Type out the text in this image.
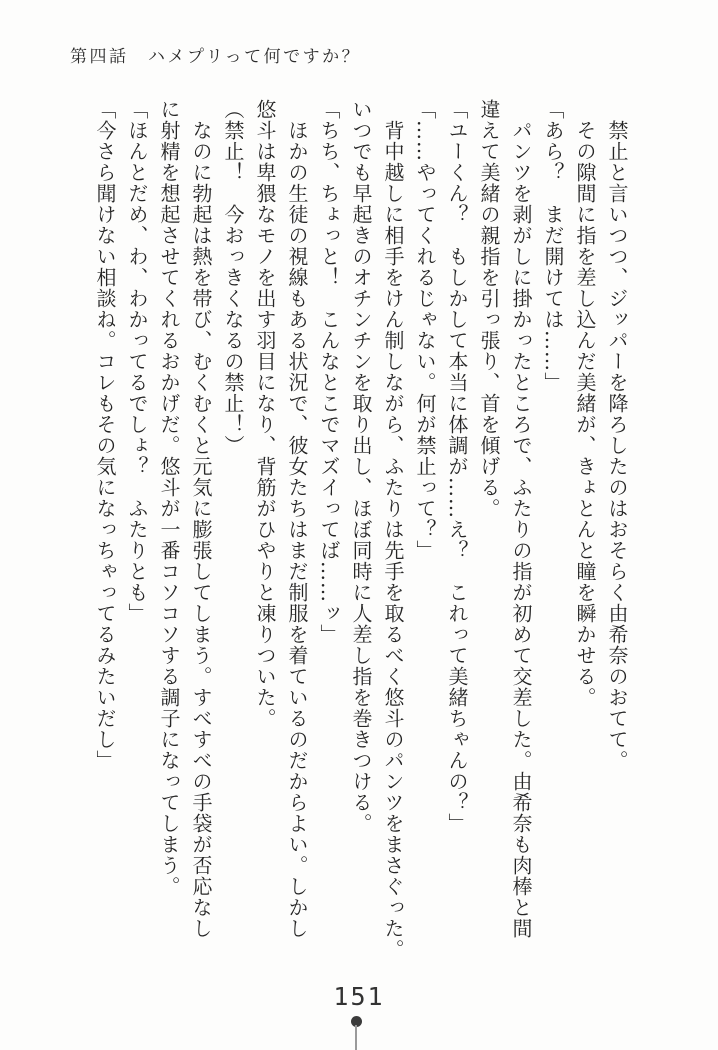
第四話　ハメプリって何ですか？

　禁止と言いつつ、ジッパーを降ろしたのはおそらく由希奈のおてて。

　その隙間に指を差し込んだ美緒が、きょとんと瞳を瞬かせる。

「あら？　まだ開けては……」

　パンツを剥がしに掛かったところで、ふたりの指が初めて交差した。由希奈も肉棒と間

違えて美緒の親指を引っ張り、首を傾げる。

「ユーくん？　もしかして本当に体調が……え？　これって美緒ちゃんの？」

「……やってくれるじゃない。何が禁止って？」

　背中越しに相手をけん制しながら、ふたりは先手を取るべく悠斗のパンツをまさぐった。

いつでも早起きのオチンチンを取り出し、ほぼ同時に人差し指を巻きつける。

「ちち、ちょっと！　こんなとこでマズイってば……ッ」

　ほかの生徒の視線もある状況で、彼女たちはまだ制服を着ているのだからよい。しかし

悠斗は卑猥なモノを出す羽目になり、背筋がひやりと凍りついた。

（禁止！　今おっきくなるの禁止！）

　なのに勃起は熱を帯び、むくむくと元気に膨張してしまう。すべすべの手袋が否応なし

に射精を想起させてくれるおかげだ。悠斗が一番コソコソする調子になってしまう。

「ほんとだめ、わ、わかってるでしょ？　ふたりとも」

「今さら聞けない相談ね。コレもその気になっちゃってるみたいだし」

151
